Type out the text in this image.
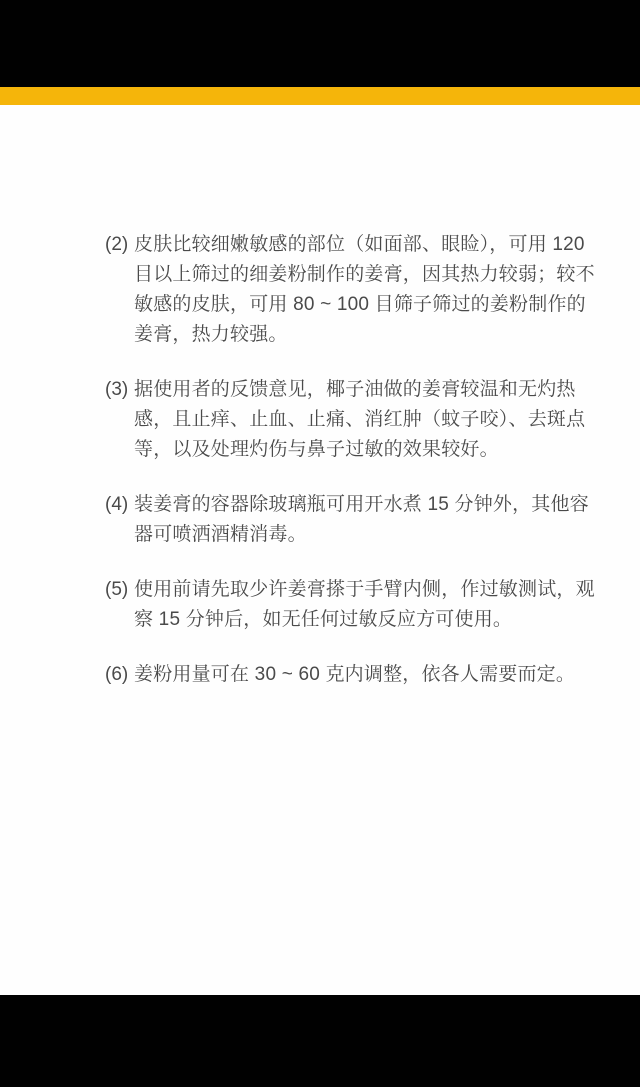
(2) 皮肤比较细嫩敏感的部位（如面部、眼睑），可用 120
目以上筛过的细姜粉制作的姜膏，因其热力较弱；较不
敏感的皮肤，可用 80 ~ 100 目筛子筛过的姜粉制作的
姜膏，热力较强。
(3) 据使用者的反馈意见，椰子油做的姜膏较温和无灼热
感，且止痒、止血、止痛、消红肿（蚊子咬）、去斑点
等，以及处理灼伤与鼻子过敏的效果较好。
(4) 装姜膏的容器除玻璃瓶可用开水煮 15 分钟外，其他容
器可喷洒酒精消毒。
(5) 使用前请先取少许姜膏搽于手臂内侧，作过敏测试，观
察 15 分钟后，如无任何过敏反应方可使用。
(6) 姜粉用量可在 30 ~ 60 克内调整，依各人需要而定。
